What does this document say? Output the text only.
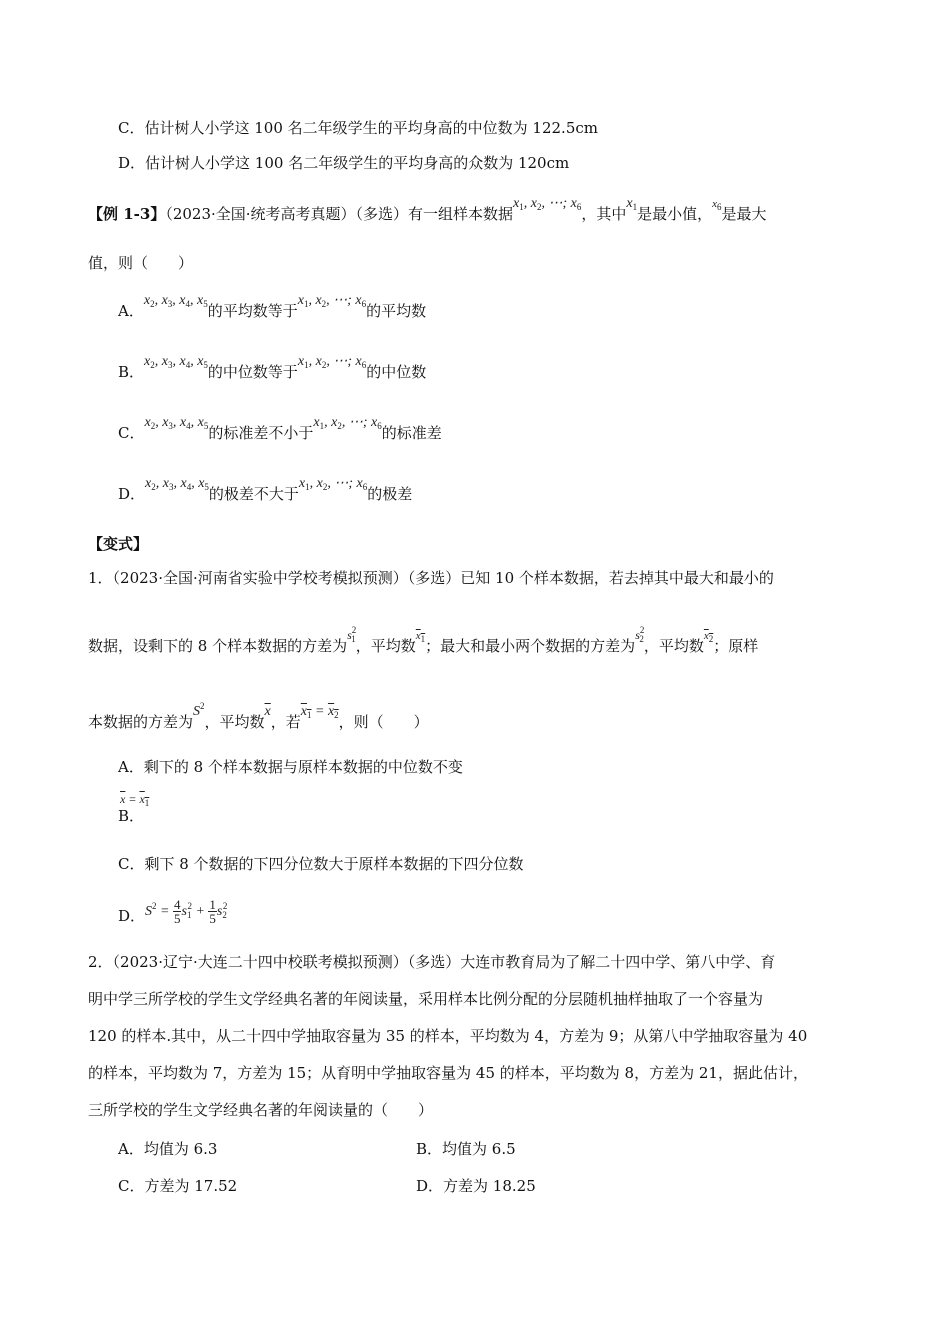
C．估计树人小学这 100 名二年级学生的平均身高的中位数为 122.5cm
D．估计树人小学这 100 名二年级学生的平均身高的众数为 120cm
【例 1-3】（2023·全国·统考高考真题）（多选）有一组样本数据$x_1$, $x_2$, ⋯; $x_6$，其中$x_1$是最小值，$^{x_6}$是最大
值，则（　　）
A．$x_2$, $x_3$, $x_4$, $x_5$的平均数等于$x_1$, $x_2$, ⋯; $x_6$的平均数
B．$x_2$, $x_3$, $x_4$, $x_5$的中位数等于$x_1$, $x_2$, ⋯; $x_6$的中位数
C．$x_2$, $x_3$, $x_4$, $x_5$的标准差不小于$x_1$, $x_2$, ⋯; $x_6$的标准差
D．$x_2$, $x_3$, $x_4$, $x_5$的极差不大于$x_1$, $x_2$, ⋯; $x_6$的极差
【变式】
1．（2023·全国·河南省实验中学校考模拟预测）（多选）已知 10 个样本数据，若去掉其中最大和最小的
数据，设剩下的 8 个样本数据的方差为$^{s^2_1}$，平均数$^{x_1}$；最大和最小两个数据的方差为$^{s^2_2}$，平均数$^{x_2}$；原样
本数据的方差为$S^2$，平均数$\overline{x}$，若$x_1 = x_2$，则（　　）
A．剩下的 8 个样本数据与原样本数据的中位数不变
B．$^{\overline{x} = x_1}$
C．剩下 8 个数据的下四分位数大于原样本数据的下四分位数
D．$S^2 = \frac{4}{5} s_1^2 + \frac{1}{5} s_2^2$
2．（2023·辽宁·大连二十四中校联考模拟预测）（多选）大连市教育局为了解二十四中学、第八中学、育
明中学三所学校的学生文学经典名著的年阅读量，采用样本比例分配的分层随机抽样抽取了一个容量为
120 的样本.其中，从二十四中学抽取容量为 35 的样本，平均数为 4，方差为 9；从第八中学抽取容量为 40
的样本，平均数为 7，方差为 15；从育明中学抽取容量为 45 的样本，平均数为 8，方差为 21，据此估计，
三所学校的学生文学经典名著的年阅读量的（　　）
A．均值为 6.3	B．均值为 6.5
C．方差为 17.52	D．方差为 18.25
